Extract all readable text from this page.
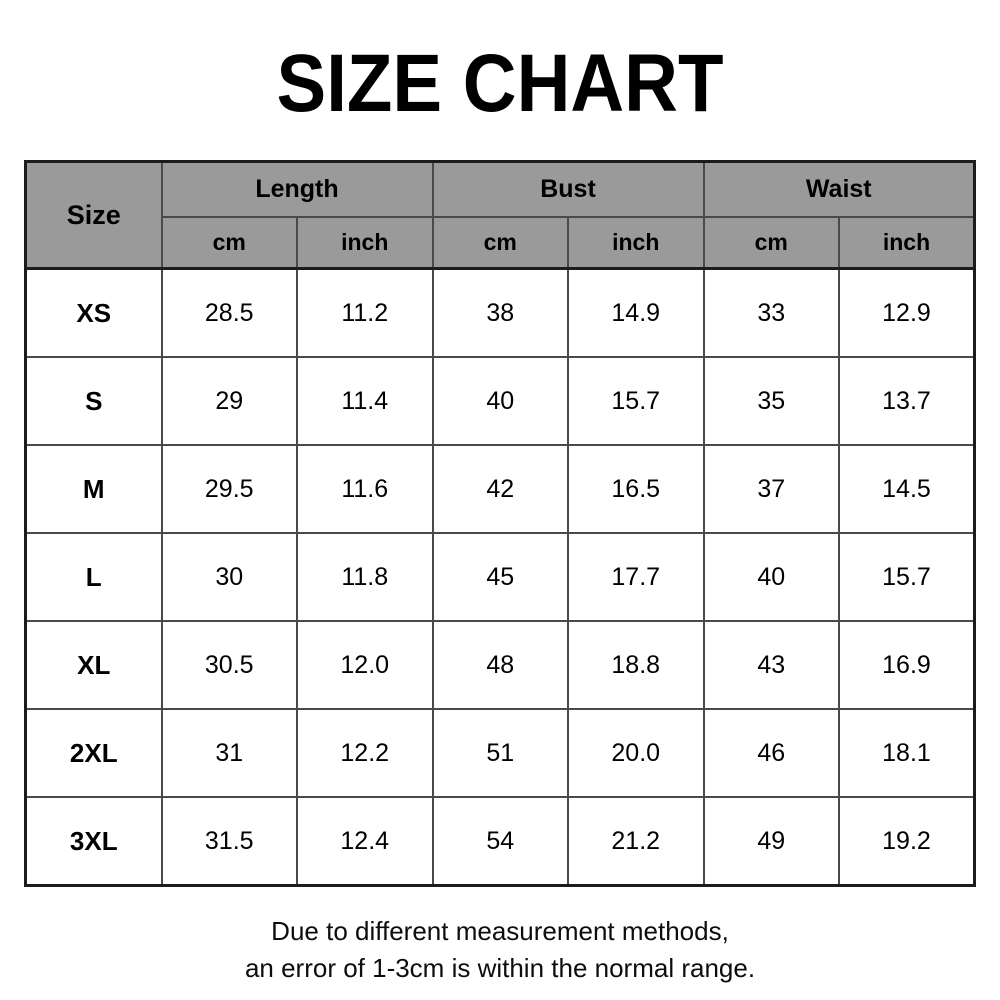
SIZE CHART
Size	Length		Bust		Waist	
	cm	inch	cm	inch	cm	inch
XS	28.5	11.2	38	14.9	33	12.9
S	29	11.4	40	15.7	35	13.7
M	29.5	11.6	42	16.5	37	14.5
L	30	11.8	45	17.7	40	15.7
XL	30.5	12.0	48	18.8	43	16.9
2XL	31	12.2	51	20.0	46	18.1
3XL	31.5	12.4	54	21.2	49	19.2
Due to different measurement methods,
an error of 1-3cm is within the normal range.
